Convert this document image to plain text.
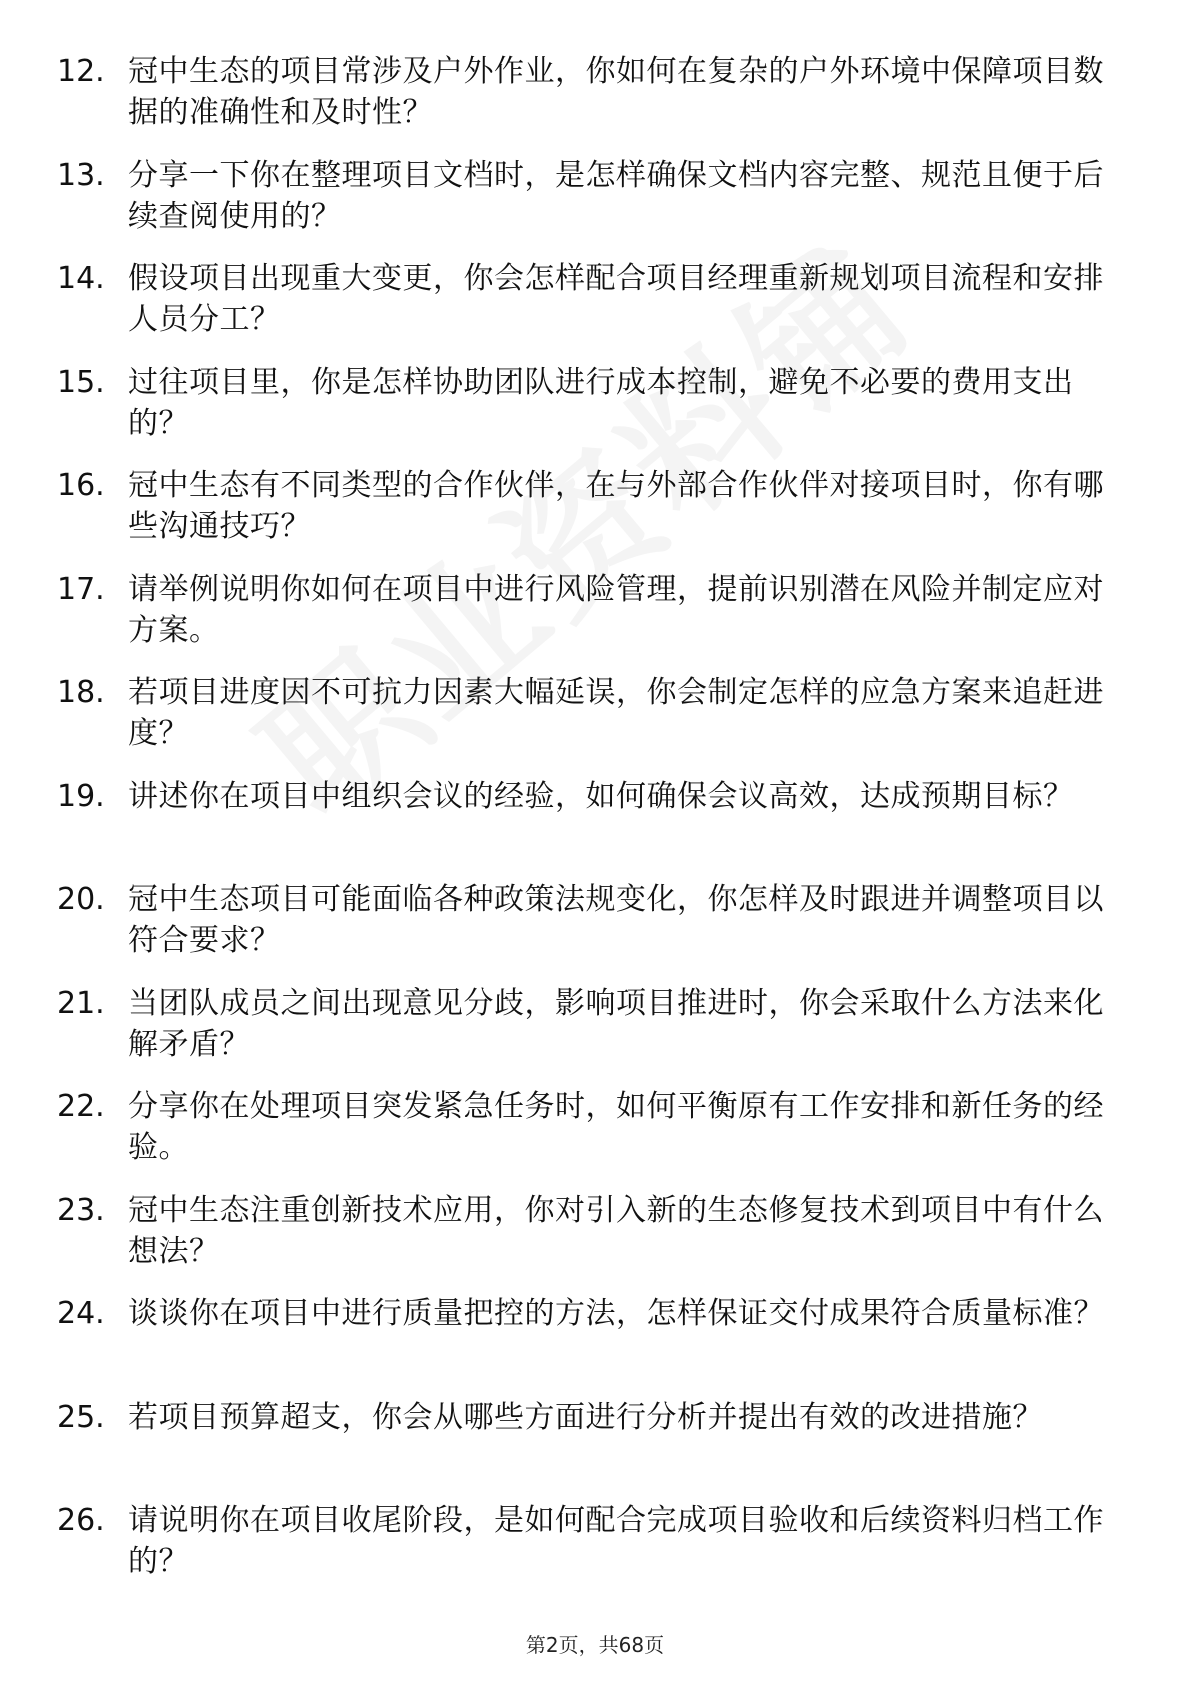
12. 冠中生态的项目常涉及户外作业，你如何在复杂的户外环境中保障项目数据的准确性和及时性？
13. 分享一下你在整理项目文档时，是怎样确保文档内容完整、规范且便于后续查阅使用的？
14. 假设项目出现重大变更，你会怎样配合项目经理重新规划项目流程和安排人员分工？
15. 过往项目里，你是怎样协助团队进行成本控制，避免不必要的费用支出的？
16. 冠中生态有不同类型的合作伙伴，在与外部合作伙伴对接项目时，你有哪些沟通技巧？
17. 请举例说明你如何在项目中进行风险管理，提前识别潜在风险并制定应对方案。
18. 若项目进度因不可抗力因素大幅延误，你会制定怎样的应急方案来追赶进度？
19. 讲述你在项目中组织会议的经验，如何确保会议高效，达成预期目标？
20. 冠中生态项目可能面临各种政策法规变化，你怎样及时跟进并调整项目以符合要求？
21. 当团队成员之间出现意见分歧，影响项目推进时，你会采取什么方法来化解矛盾？
22. 分享你在处理项目突发紧急任务时，如何平衡原有工作安排和新任务的经验。
23. 冠中生态注重创新技术应用，你对引入新的生态修复技术到项目中有什么想法？
24. 谈谈你在项目中进行质量把控的方法，怎样保证交付成果符合质量标准？
25. 若项目预算超支，你会从哪些方面进行分析并提出有效的改进措施？
26. 请说明你在项目收尾阶段，是如何配合完成项目验收和后续资料归档工作的？
第2页，共68页
